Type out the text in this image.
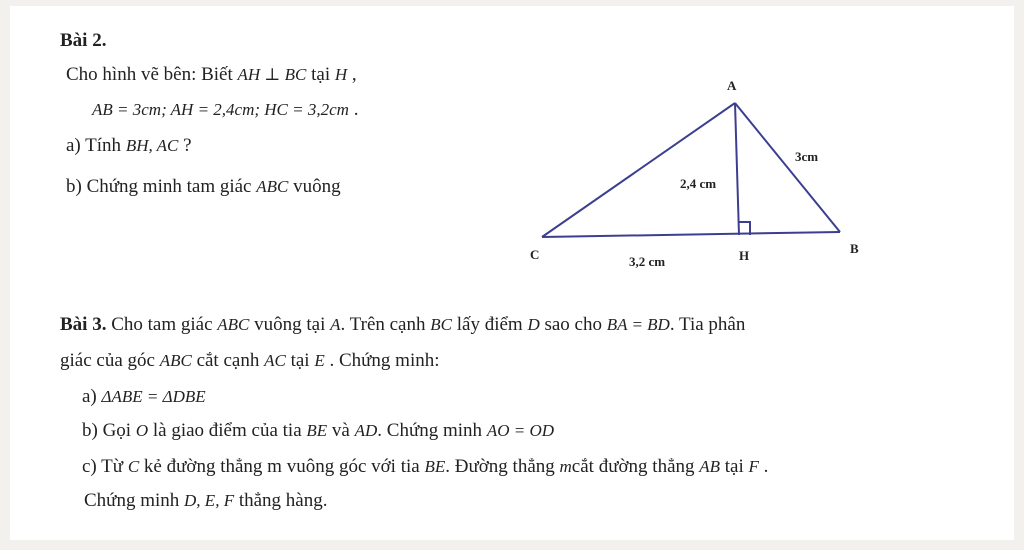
Bài 2.
Cho hình vẽ bên: Biết AH ⊥ BC tại H ,
AB = 3cm; AH = 2,4cm; HC = 3,2cm .
a) Tính BH, AC ?
b) Chứng minh tam giác ABC vuông
A
B
C	H
3cm
2,4 cm
3,2 cm
Bài 3. Cho tam giác ABC vuông tại A. Trên cạnh BC lấy điểm D sao cho BA = BD. Tia phân
giác của góc ABC cắt cạnh AC tại E . Chứng minh:
a) ΔABE = ΔDBE
b) Gọi O là giao điểm của tia BE và AD. Chứng minh AO = OD
c) Từ C kẻ đường thẳng m vuông góc với tia BE. Đường thẳng mcắt đường thẳng AB tại F .
Chứng minh D, E, F thẳng hàng.
